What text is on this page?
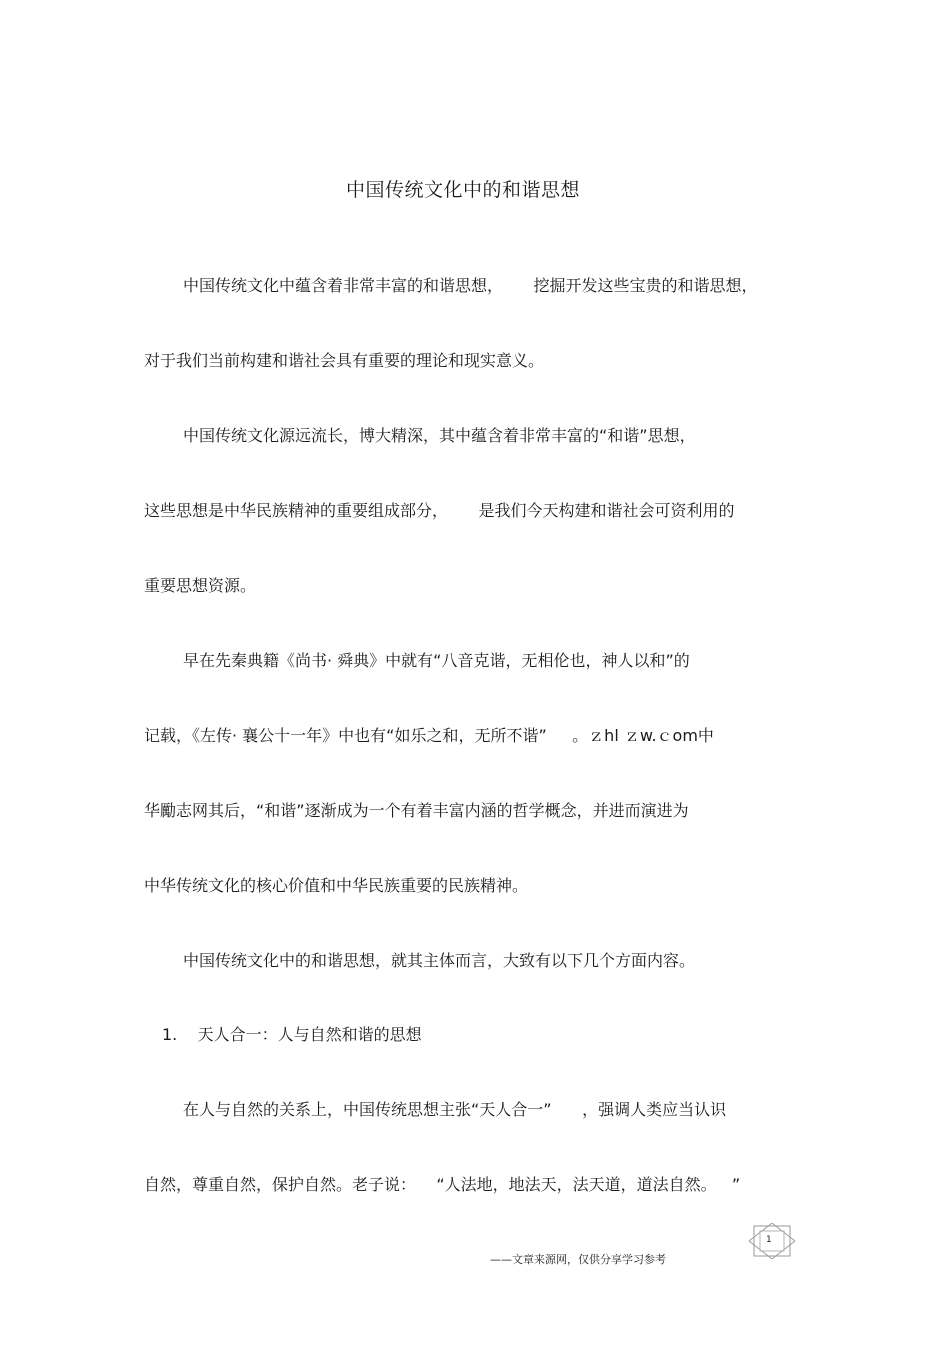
中国传统文化中的和谐思想
中国传统文化中蕴含着非常丰富的和谐思想，      挖掘开发这些宝贵的和谐思想，
对于我们当前构建和谐社会具有重要的理论和现实意义。
中国传统文化源远流长，博大精深，其中蕴含着非常丰富的“和谐”思想，
这些思想是中华民族精神的重要组成部分，      是我们今天构建和谐社会可资利用的
重要思想资源。
早在先秦典籍《尚书· 舜典》中就有“八音克谐，无相伦也，神人以和”的
记载，《左传· 襄公十一年》中也有“如乐之和，无所不谐”     。ｚhl ｚw.ｃom中
华勵志网其后，“和谐”逐渐成为一个有着丰富内涵的哲学概念，并进而演进为
中华传统文化的核心价值和中华民族重要的民族精神。
中国传统文化中的和谐思想，就其主体而言，大致有以下几个方面内容。
1.    天人合一：人与自然和谐的思想
在人与自然的关系上，中国传统思想主张“天人合一”      ，强调人类应当认识
自然，尊重自然，保护自然。老子说：    “人法地，地法天，法天道，道法自然。   ”
1
——文章来源网，仅供分享学习参考
